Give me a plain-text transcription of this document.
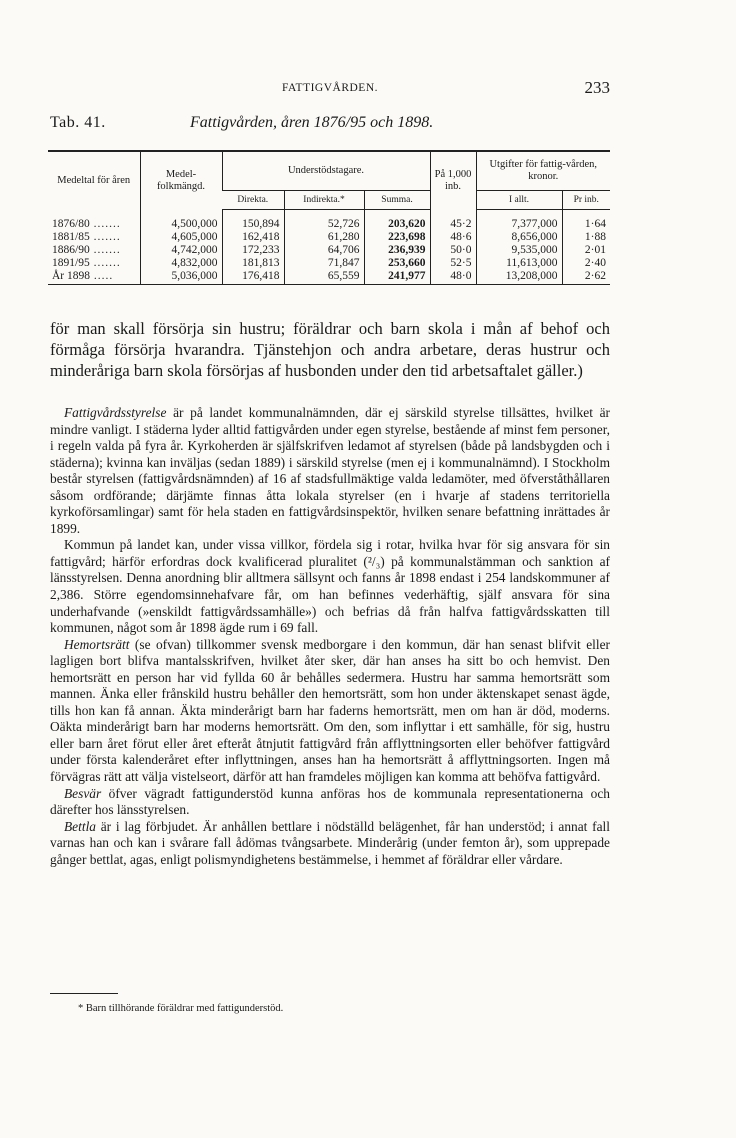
FATTIGVÅRDEN.	233
Tab. 41.	Fattigvården, åren 1876/95 och 1898.
Medeltal för åren	Medel-folkmängd.	Understödstagare.			På 1,000 inb.	Utgifter för fattig-vården, kronor.	
		Direkta.	Indirekta.*	Summa.		I allt.	Pr inb.
1876/80 .......	4,500,000	150,894	52,726	203,620	45·2	7,377,000	1·64
1881/85 .......	4,605,000	162,418	61,280	223,698	48·6	8,656,000	1·88
1886/90 .......	4,742,000	172,233	64,706	236,939	50·0	9,535,000	2·01
1891/95 .......	4,832,000	181,813	71,847	253,660	52·5	11,613,000	2·40
År 1898 .....	5,036,000	176,418	65,559	241,977	48·0	13,208,000	2·62

för man skall försörja sin hustru; föräldrar och barn skola i mån af behof och förmåga försörja hvarandra. Tjänstehjon och andra arbetare, deras hustrur och minderåriga barn skola försörjas af husbonden under den tid arbetsaftalet gäller.)

Fattigvårdsstyrelse är på landet kommunalnämnden, där ej särskild styrelse tillsättes, hvilket är mindre vanligt. I städerna lyder alltid fattigvården under egen styrelse, bestående af minst fem personer, i regeln valda på fyra år. Kyrkoherden är själfskrifven ledamot af styrelsen (både på landsbygden och i städerna); kvinna kan inväljas (sedan 1889) i särskild styrelse (men ej i kommunalnämnd). I Stockholm består styrelsen (fattigvårdsnämnden) af 16 af stadsfullmäktige valda ledamöter, med öfverståthållaren såsom ordförande; därjämte finnas åtta lokala styrelser (en i hvarje af stadens territoriella kyrkoförsamlingar) samt för hela staden en fattigvårdsinspektör, hvilken senare befattning inrättades år 1899.

Kommun på landet kan, under vissa villkor, fördela sig i rotar, hvilka hvar för sig ansvara för sin fattigvård; härför erfordras dock kvalificerad pluralitet (²/₃) på kommunalstämman och sanktion af länsstyrelsen. Denna anordning blir alltmera sällsynt och fanns år 1898 endast i 254 landskommuner af 2,386. Större egendomsinnehafvare får, om han befinnes vederhäftig, själf ansvara för sina underhafvande (»enskildt fattigvårdssamhälle») och befrias då från halfva fattigvårdsskatten till kommunen, något som år 1898 ägde rum i 69 fall.

Hemortsrätt (se ofvan) tillkommer svensk medborgare i den kommun, där han senast blifvit eller lagligen bort blifva mantalsskrifven, hvilket åter sker, där han anses ha sitt bo och hemvist. Den hemortsrätt en person har vid fyllda 60 år behålles sedermera. Hustru har samma hemortsrätt som mannen. Änka eller frånskild hustru behåller den hemortsrätt, som hon under äktenskapet senast ägde, tills hon kan få annan. Äkta minderårigt barn har faderns hemortsrätt, men om han är död, moderns. Oäkta minderårigt barn har moderns hemortsrätt. Om den, som inflyttar i ett samhälle, för sig, hustru eller barn året förut eller året efteråt åtnjutit fattigvård från afflyttningsorten eller behöfver fattigvård under första kalenderåret efter inflyttningen, anses han ha hemortsrätt å afflyttningsorten. Ingen må förvägras rätt att välja vistelseort, därför att han framdeles möjligen kan komma att behöfva fattigvård.

Besvär öfver vägradt fattigunderstöd kunna anföras hos de kommunala representationerna och därefter hos länsstyrelsen.

Bettla är i lag förbjudet. Är anhållen bettlare i nödställd belägenhet, får han understöd; i annat fall varnas han och kan i svårare fall ådömas tvångsarbete. Minderårig (under femton år), som upprepade gånger bettlat, agas, enligt polismyndighetens bestämmelse, i hemmet af föräldrar eller vårdare.

* Barn tillhörande föräldrar med fattigunderstöd.
